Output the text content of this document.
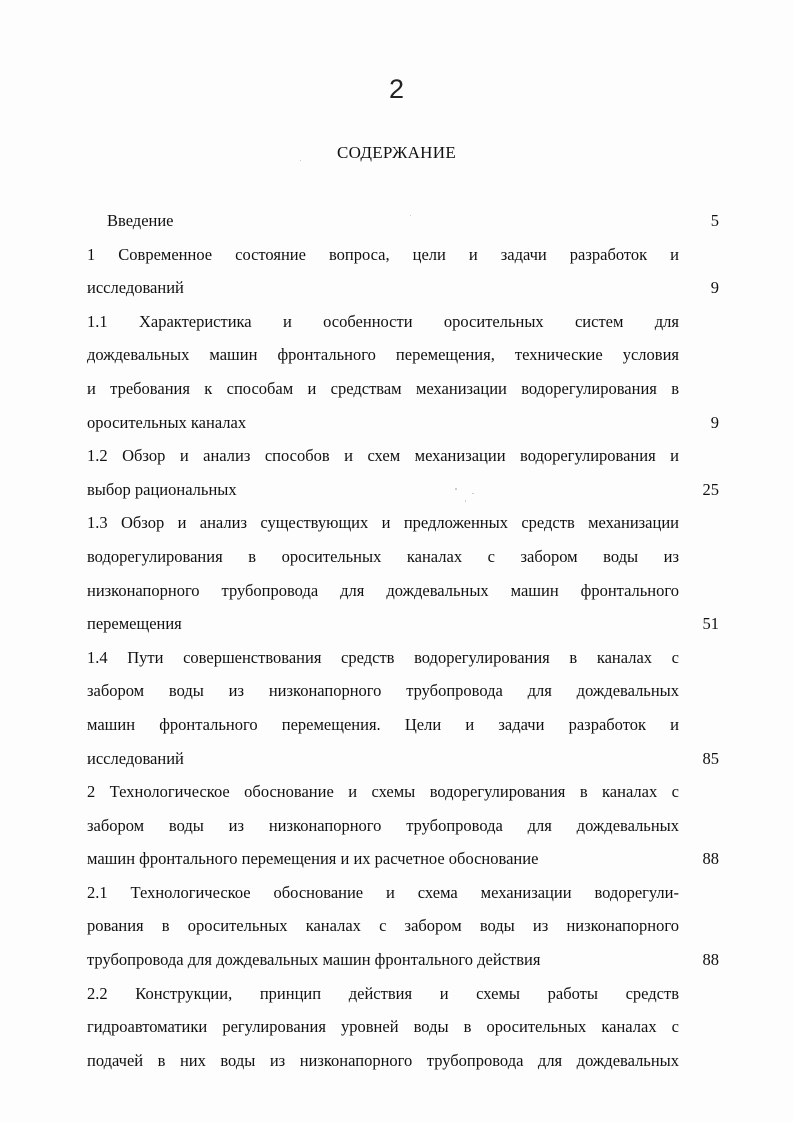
2
СОДЕРЖАНИЕ
Введение	5
1 Современное состояние вопроса, цели и задачи разработок и
исследований	9
1.1 Характеристика и особенности оросительных систем для
дождевальных машин фронтального перемещения, технические условия
и требования к способам и средствам механизации водорегулирования в
оросительных каналах	9
1.2 Обзор и анализ способов и схем механизации водорегулирования и
выбор рациональных	25
1.3 Обзор и анализ существующих и предложенных средств механизации
водорегулирования в оросительных каналах с забором воды из
низконапорного трубопровода для дождевальных машин фронтального
перемещения	51
1.4 Пути совершенствования средств водорегулирования в каналах с
забором воды из низконапорного трубопровода для дождевальных
машин фронтального перемещения. Цели и задачи разработок и
исследований	85
2 Технологическое обоснование и схемы водорегулирования в каналах с
забором воды из низконапорного трубопровода для дождевальных
машин фронтального перемещения и их расчетное обоснование	88
2.1 Технологическое обоснование и схема механизации водорегули-
рования в оросительных каналах с забором воды из низконапорного
трубопровода для дождевальных машин фронтального действия	88
2.2 Конструкции, принцип действия и схемы работы средств
гидроавтоматики регулирования уровней воды в оросительных каналах с
подачей в них воды из низконапорного трубопровода для дождевальных
